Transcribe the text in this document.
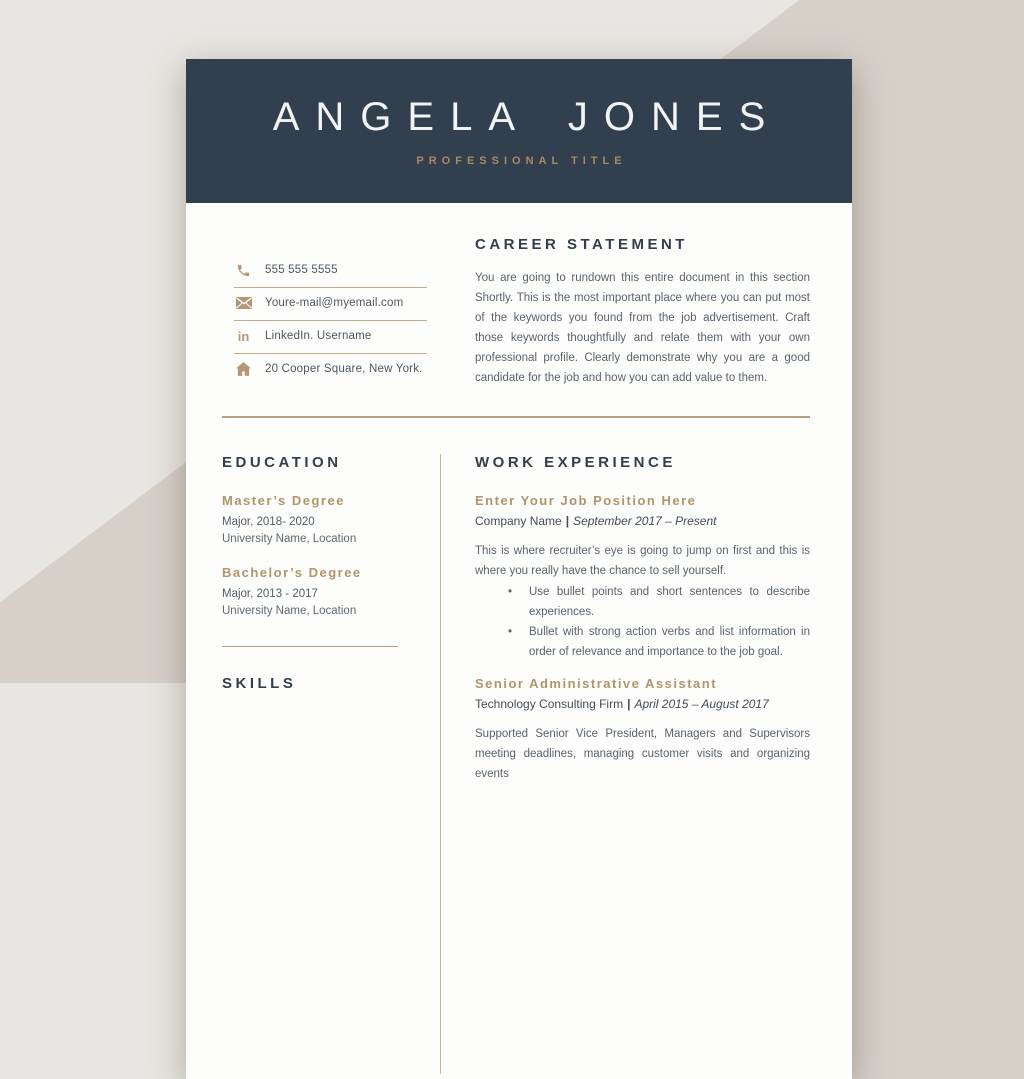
ANGELA JONES
PROFESSIONAL TITLE
555 555 5555
Youre-mail@myemail.com
in LinkedIn. Username
20 Cooper Square, New York.
CAREER STATEMENT

You are going to rundown this entire document in this section Shortly. This is the most important place where you can put most of the keywords you found from the job advertisement. Craft those keywords thoughtfully and relate them with your own professional profile. Clearly demonstrate why you are a good candidate for the job and how you can add value to them.

EDUCATION
Master’s Degree
Major, 2018- 2020
University Name, Location
Bachelor’s Degree
Major, 2013 - 2017
University Name, Location
SKILLS
WORK EXPERIENCE
Enter Your Job Position Here
Company Name | September 2017 – Present

This is where recruiter’s eye is going to jump on first and this is where you really have the chance to sell yourself.

• Use bullet points and short sentences to describe experiences.
• Bullet with strong action verbs and list information in order of relevance and importance to the job goal.
Senior Administrative Assistant
Technology Consulting Firm | April 2015 – August 2017

Supported Senior Vice President, Managers and Supervisors meeting deadlines, managing customer visits and organizing events
